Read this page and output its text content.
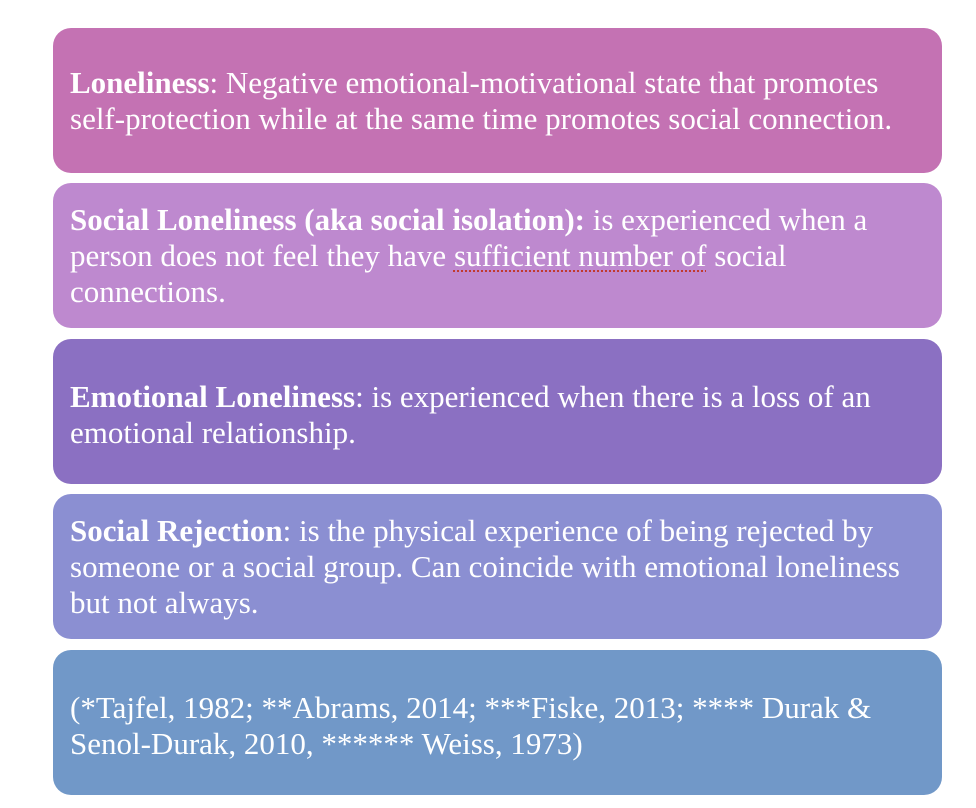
Loneliness: Negative emotional-motivational state that promotes self-protection while at the same time promotes social connection.
Social Loneliness (aka social isolation): is experienced when a person does not feel they have sufficient number of social connections.
Emotional Loneliness: is experienced when there is a loss of an emotional relationship.
Social Rejection: is the physical experience of being rejected by someone or a social group. Can coincide with emotional loneliness but not always.
(*Tajfel, 1982; **Abrams, 2014; ***Fiske, 2013; **** Durak & Senol-Durak, 2010, ****** Weiss, 1973)
